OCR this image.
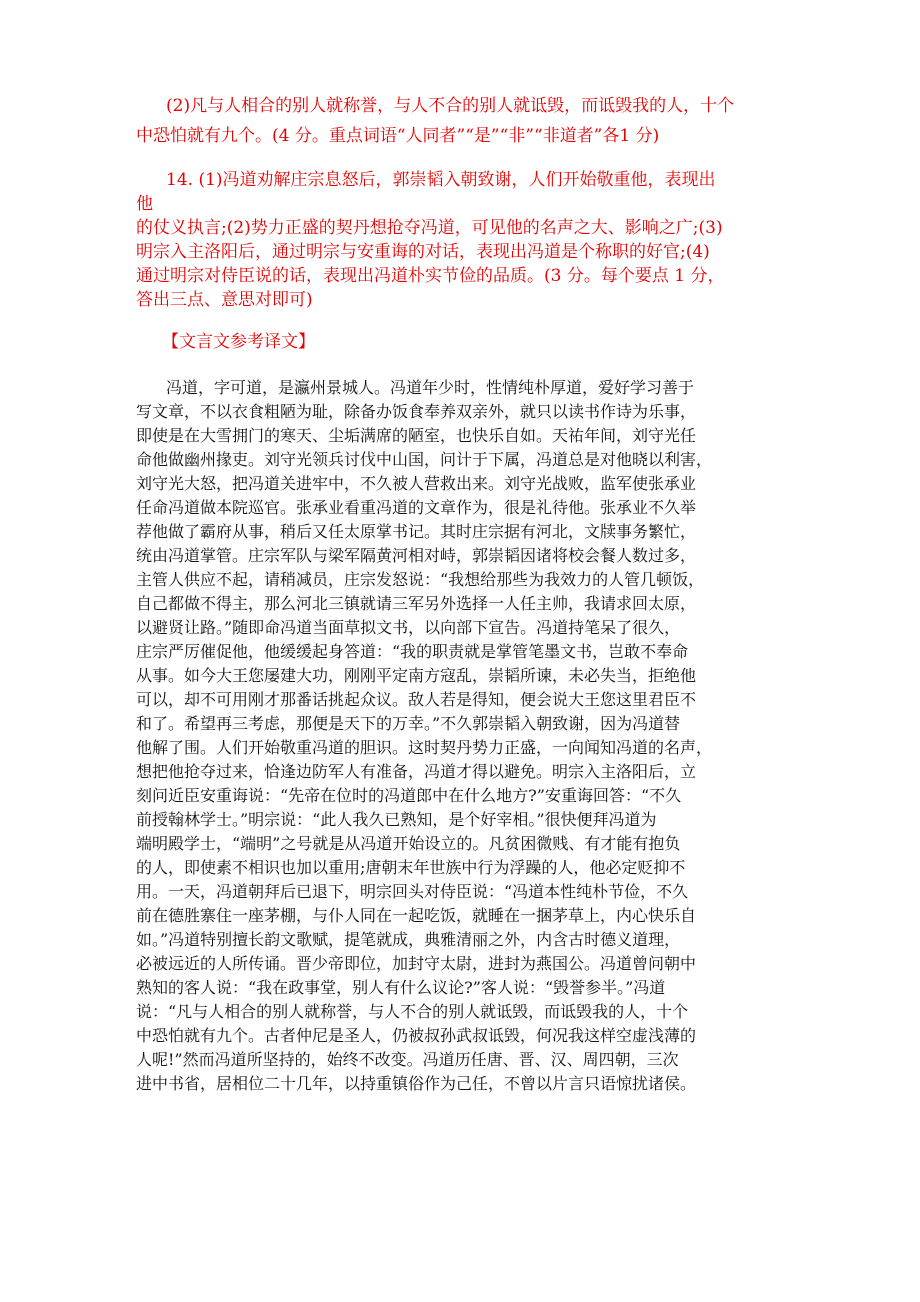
(2)凡与人相合的别人就称誉，与人不合的别人就诋毁，而诋毁我的人，十个
中恐怕就有九个。(4 分。重点词语“人同者”“是”“非”“非道者”各1 分)
14. (1)冯道劝解庄宗息怒后，郭崇韬入朝致谢，人们开始敬重他，表现出
他
的仗义执言;(2)势力正盛的契丹想抢夺冯道，可见他的名声之大、影响之广;(3)
明宗入主洛阳后，通过明宗与安重诲的对话，表现出冯道是个称职的好官;(4)
通过明宗对侍臣说的话，表现出冯道朴实节俭的品质。(3 分。每个要点 1 分，
答出三点、意思对即可)
【文言文参考译文】
冯道，字可道，是瀛州景城人。冯道年少时，性情纯朴厚道，爱好学习善于
写文章，不以衣食粗陋为耻，除备办饭食奉养双亲外，就只以读书作诗为乐事，
即使是在大雪拥门的寒天、尘垢满席的陋室，也快乐自如。天祐年间，刘守光任
命他做幽州掾吏。刘守光领兵讨伐中山国，问计于下属，冯道总是对他晓以利害，
刘守光大怒，把冯道关进牢中，不久被人营救出来。刘守光战败，监军使张承业
任命冯道做本院巡官。张承业看重冯道的文章作为，很是礼待他。张承业不久举
荐他做了霸府从事，稍后又任太原掌书记。其时庄宗据有河北，文牍事务繁忙，
统由冯道掌管。庄宗军队与梁军隔黄河相对峙，郭崇韬因诸将校会餐人数过多，
主管人供应不起，请稍减员，庄宗发怒说：“我想给那些为我效力的人管几顿饭，
自己都做不得主，那么河北三镇就请三军另外选择一人任主帅，我请求回太原，
以避贤让路。”随即命冯道当面草拟文书，以向部下宣告。冯道持笔呆了很久，
庄宗严厉催促他，他缓缓起身答道：“我的职责就是掌管笔墨文书，岂敢不奉命
从事。如今大王您屡建大功，刚刚平定南方寇乱，崇韬所谏，未必失当，拒绝他
可以，却不可用刚才那番话挑起众议。敌人若是得知，便会说大王您这里君臣不
和了。希望再三考虑，那便是天下的万幸。”不久郭崇韬入朝致谢，因为冯道替
他解了围。人们开始敬重冯道的胆识。这时契丹势力正盛，一向闻知冯道的名声，
想把他抢夺过来，恰逢边防军人有准备，冯道才得以避免。明宗入主洛阳后，立
刻问近臣安重诲说：“先帝在位时的冯道郎中在什么地方?”安重诲回答：“不久
前授翰林学士。”明宗说：“此人我久已熟知，是个好宰相。”很快便拜冯道为
端明殿学士，“端明”之号就是从冯道开始设立的。凡贫困微贱、有才能有抱负
的人，即使素不相识也加以重用;唐朝末年世族中行为浮躁的人，他必定贬抑不
用。一天，冯道朝拜后已退下，明宗回头对侍臣说：“冯道本性纯朴节俭，不久
前在德胜寨住一座茅棚，与仆人同在一起吃饭，就睡在一捆茅草上，内心快乐自
如。”冯道特别擅长韵文歌赋，提笔就成，典雅清丽之外，内含古时德义道理，
必被远近的人所传诵。晋少帝即位，加封守太尉，进封为燕国公。冯道曾问朝中
熟知的客人说：“我在政事堂，别人有什么议论?”客人说：“毁誉参半。”冯道
说：“凡与人相合的别人就称誉，与人不合的别人就诋毁，而诋毁我的人，十个
中恐怕就有九个。古者仲尼是圣人，仍被叔孙武叔诋毁，何况我这样空虚浅薄的
人呢!”然而冯道所坚持的，始终不改变。冯道历任唐、晋、汉、周四朝，三次
进中书省，居相位二十几年，以持重镇俗作为己任，不曾以片言只语惊扰诸侯。
